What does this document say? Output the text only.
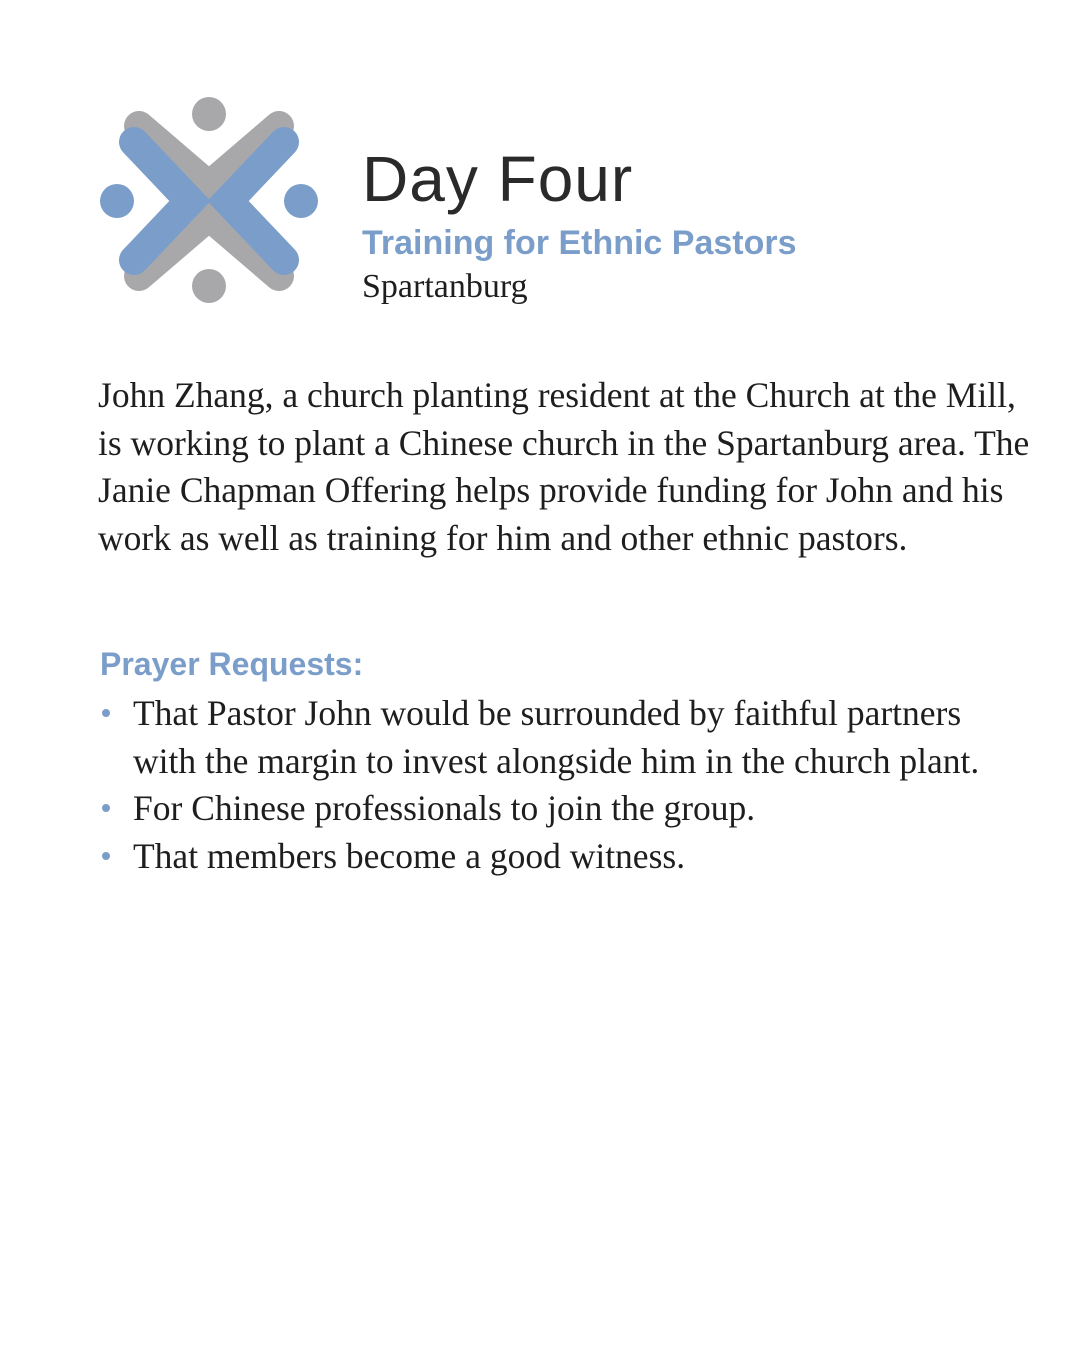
Day Four
Training for Ethnic Pastors
Spartanburg

John Zhang, a church planting resident at the Church at the Mill, is working to plant a Chinese church in the Spartanburg area. The Janie Chapman Offering helps provide funding for John and his work as well as training for him and other ethnic pastors.

Prayer Requests:
That Pastor John would be surrounded by faithful partners with the margin to invest alongside him in the church plant.
For Chinese professionals to join the group.
That members become a good witness.
